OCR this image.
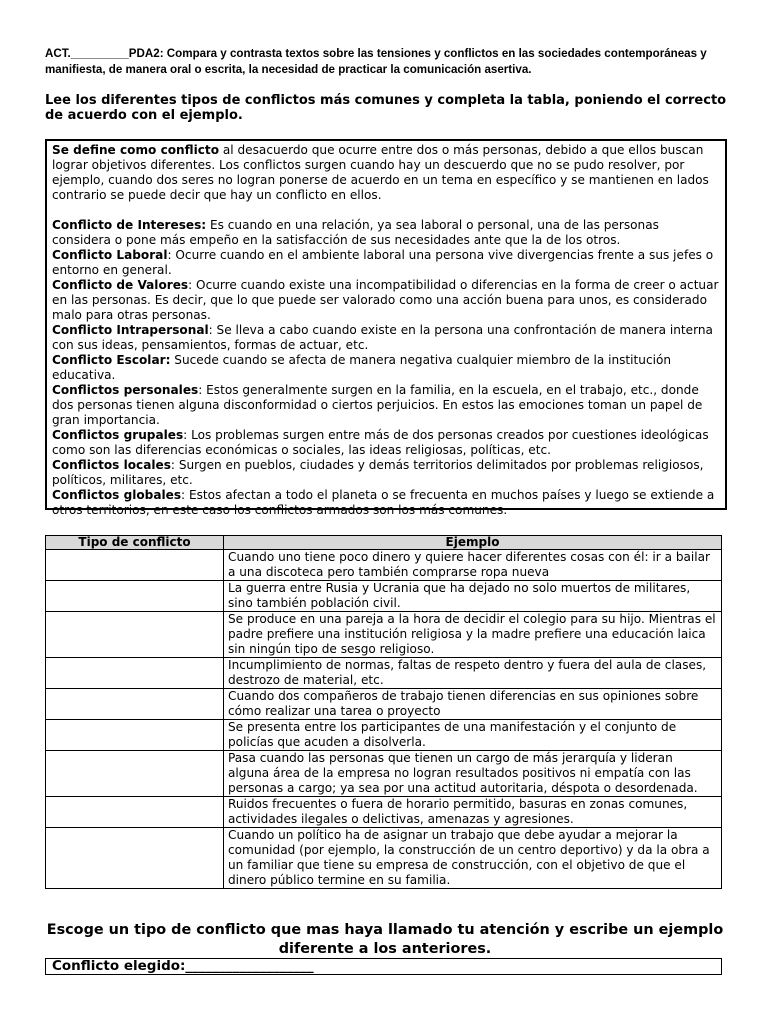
ACT._________PDA2: Compara y contrasta textos sobre las tensiones y conflictos en las sociedades contemporáneas y manifiesta, de manera oral o escrita, la necesidad de practicar la comunicación asertiva.
Lee los diferentes tipos de conflictos más comunes y completa la tabla, poniendo el correcto de acuerdo con el ejemplo.

Se define como conflicto al desacuerdo que ocurre entre dos o más personas, debido a que ellos buscan lograr objetivos diferentes. Los conflictos surgen cuando hay un descuerdo que no se pudo resolver, por ejemplo, cuando dos seres no logran ponerse de acuerdo en un tema en específico y se mantienen en lados contrario se puede decir que hay un conflicto en ellos.

Conflicto de Intereses: Es cuando en una relación, ya sea laboral o personal, una de las personas considera o pone más empeño en la satisfacción de sus necesidades ante que la de los otros.

Conflicto Laboral: Ocurre cuando en el ambiente laboral una persona vive divergencias frente a sus jefes o entorno en general.

Conflicto de Valores: Ocurre cuando existe una incompatibilidad o diferencias en la forma de creer o actuar en las personas. Es decir, que lo que puede ser valorado como una acción buena para unos, es considerado malo para otras personas.

Conflicto Intrapersonal: Se lleva a cabo cuando existe en la persona una confrontación de manera interna con sus ideas, pensamientos, formas de actuar, etc.

Conflicto Escolar: Sucede cuando se afecta de manera negativa cualquier miembro de la institución educativa.

Conflictos personales: Estos generalmente surgen en la familia, en la escuela, en el trabajo, etc., donde dos personas tienen alguna disconformidad o ciertos perjuicios. En estos las emociones toman un papel de gran importancia.

Conflictos grupales: Los problemas surgen entre más de dos personas creados por cuestiones ideológicas como son las diferencias económicas o sociales, las ideas religiosas, políticas, etc.

Conflictos locales: Surgen en pueblos, ciudades y demás territorios delimitados por problemas religiosos, políticos, militares, etc.

Conflictos globales: Estos afectan a todo el planeta o se frecuenta en muchos países y luego se extiende a otros territorios, en este caso los conflictos armados son los más comunes.

Tipo de conflicto	Ejemplo
	Cuando uno tiene poco dinero y quiere hacer diferentes cosas con él: ir a bailar a una discoteca pero también comprarse ropa nueva
	La guerra entre Rusia y Ucrania que ha dejado no solo muertos de militares, sino también población civil.
	Se produce en una pareja a la hora de decidir el colegio para su hijo. Mientras el padre prefiere una institución religiosa y la madre prefiere una educación laica sin ningún tipo de sesgo religioso.
	Incumplimiento de normas, faltas de respeto dentro y fuera del aula de clases, destrozo de material, etc.
	Cuando dos compañeros de trabajo tienen diferencias en sus opiniones sobre cómo realizar una tarea o proyecto
	Se presenta entre los participantes de una manifestación y el conjunto de policías que acuden a disolverla.
	Pasa cuando las personas que tienen un cargo de más jerarquía y lideran alguna área de la empresa no logran resultados positivos ni empatía con las personas a cargo; ya sea por una actitud autoritaria, déspota o desordenada.
	Ruidos frecuentes o fuera de horario permitido, basuras en zonas comunes, actividades ilegales o delictivas, amenazas y agresiones.
	Cuando un político ha de asignar un trabajo que debe ayudar a mejorar la comunidad (por ejemplo, la construcción de un centro deportivo) y da la obra a un familiar que tiene su empresa de construcción, con el objetivo de que el dinero público termine en su familia.
Escoge un tipo de conflicto que mas haya llamado tu atención y escribe un ejemplo diferente a los anteriores.
Conflicto elegido:___________________
